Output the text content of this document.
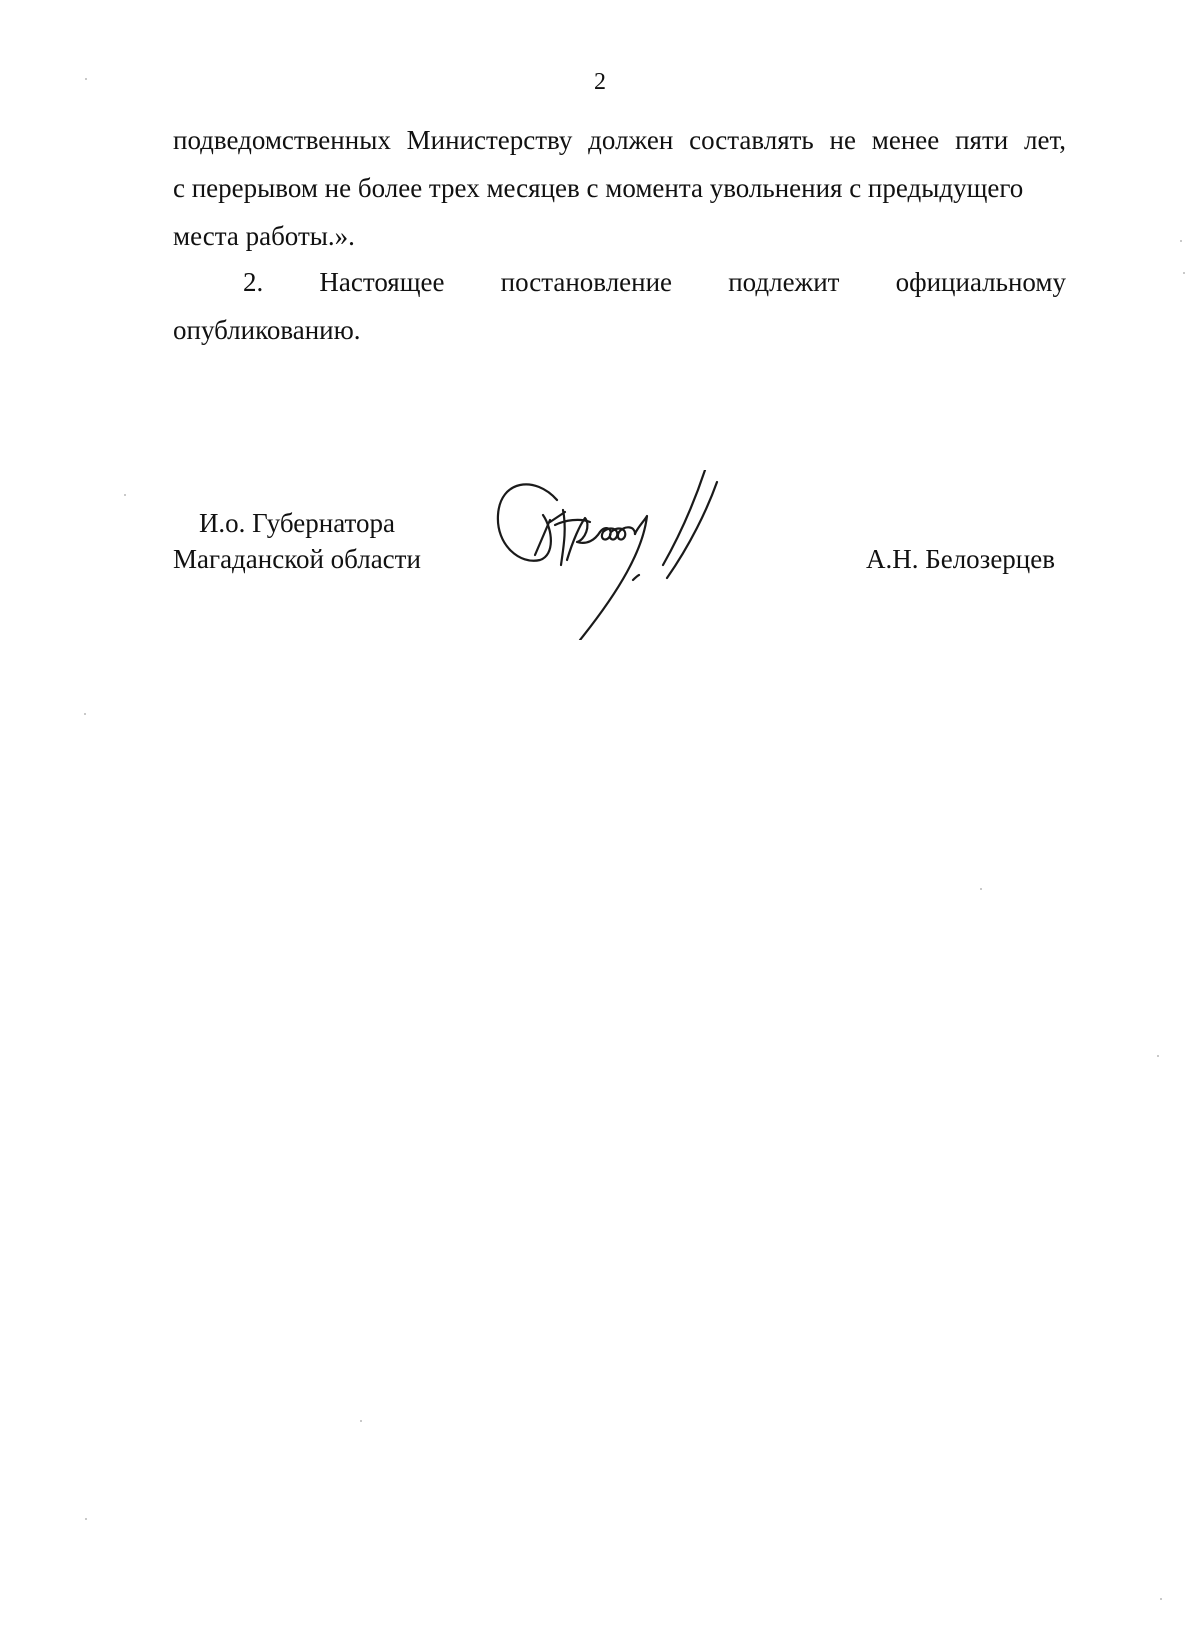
2
подведомственных Министерству должен составлять не менее пяти лет,
с перерывом не более трех месяцев с момента увольнения с предыдущего
места работы.».
2. Настоящее постановление подлежит официальному
опубликованию.
И.о. Губернатора
Магаданской области	А.Н. Белозерцев
